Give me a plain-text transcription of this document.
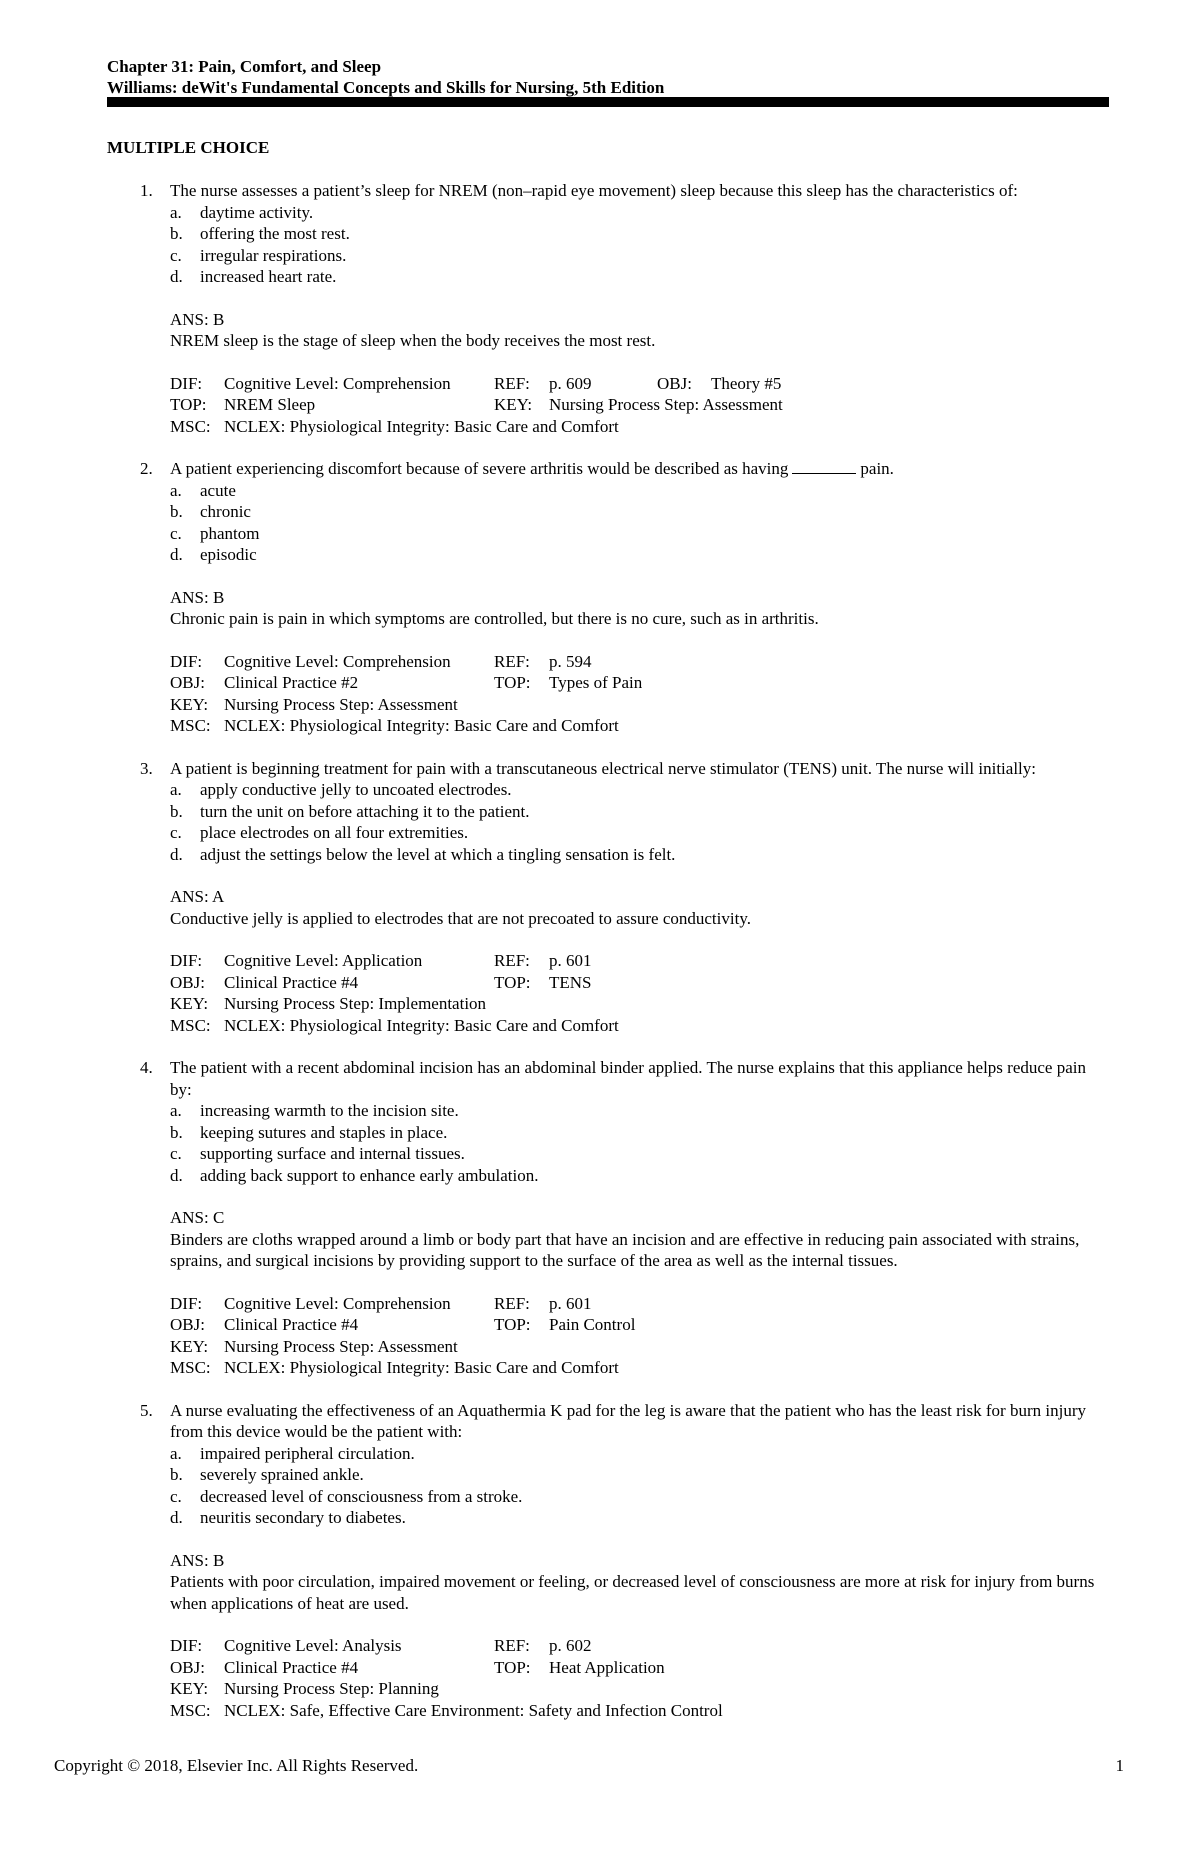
Chapter 31: Pain, Comfort, and Sleep
Williams: deWit's Fundamental Concepts and Skills for Nursing, 5th Edition
MULTIPLE CHOICE
1.	The nurse assesses a patient’s sleep for NREM (non–rapid eye movement) sleep because this sleep has the characteristics of:
a.	daytime activity.
b.	offering the most rest.
c.	irregular respirations.
d.	increased heart rate.
ANS: B
NREM sleep is the stage of sleep when the body receives the most rest.
DIF:	Cognitive Level: Comprehension	REF:	p. 609	OBJ:	Theory #5
TOP:	NREM Sleep	KEY: Nursing Process Step: Assessment
MSC: NCLEX: Physiological Integrity: Basic Care and Comfort
2.	A patient experiencing discomfort because of severe arthritis would be described as having	pain.
a.	acute
b.	chronic
c.	phantom
d.	episodic
ANS: B
Chronic pain is pain in which symptoms are controlled, but there is no cure, such as in arthritis.
DIF:	Cognitive Level: Comprehension	REF:	p. 594
OBJ:	Clinical Practice #2	TOP:	Types of Pain
KEY: Nursing Process Step: Assessment
MSC: NCLEX: Physiological Integrity: Basic Care and Comfort
3.	A patient is beginning treatment for pain with a transcutaneous electrical nerve stimulator (TENS) unit. The nurse will initially:
a.	apply conductive jelly to uncoated electrodes.
b.	turn the unit on before attaching it to the patient.
c.	place electrodes on all four extremities.
d.	adjust the settings below the level at which a tingling sensation is felt.
ANS: A
Conductive jelly is applied to electrodes that are not precoated to assure conductivity.
DIF:	Cognitive Level: Application	REF:	p. 601
OBJ:	Clinical Practice #4	TOP:	TENS
KEY: Nursing Process Step: Implementation
MSC: NCLEX: Physiological Integrity: Basic Care and Comfort
4.	The patient with a recent abdominal incision has an abdominal binder applied. The nurse explains that this appliance helps reduce pain by:
a.	increasing warmth to the incision site.
b.	keeping sutures and staples in place.
c.	supporting surface and internal tissues.
d.	adding back support to enhance early ambulation.
ANS: C
Binders are cloths wrapped around a limb or body part that have an incision and are effective in reducing pain associated with strains, sprains, and surgical incisions by providing support to the surface of the area as well as the internal tissues.
DIF:	Cognitive Level: Comprehension	REF:	p. 601
OBJ:	Clinical Practice #4	TOP:	Pain Control
KEY: Nursing Process Step: Assessment
MSC: NCLEX: Physiological Integrity: Basic Care and Comfort
5.	A nurse evaluating the effectiveness of an Aquathermia K pad for the leg is aware that the patient who has the least risk for burn injury from this device would be the patient with:
a.	impaired peripheral circulation.
b.	severely sprained ankle.
c.	decreased level of consciousness from a stroke.
d.	neuritis secondary to diabetes.
ANS: B
Patients with poor circulation, impaired movement or feeling, or decreased level of consciousness are more at risk for injury from burns when applications of heat are used.
DIF:	Cognitive Level: Analysis	REF:	p. 602
OBJ:	Clinical Practice #4	TOP:	Heat Application
KEY: Nursing Process Step: Planning
MSC: NCLEX: Safe, Effective Care Environment: Safety and Infection Control
Copyright © 2018, Elsevier Inc. All Rights Reserved.	1
